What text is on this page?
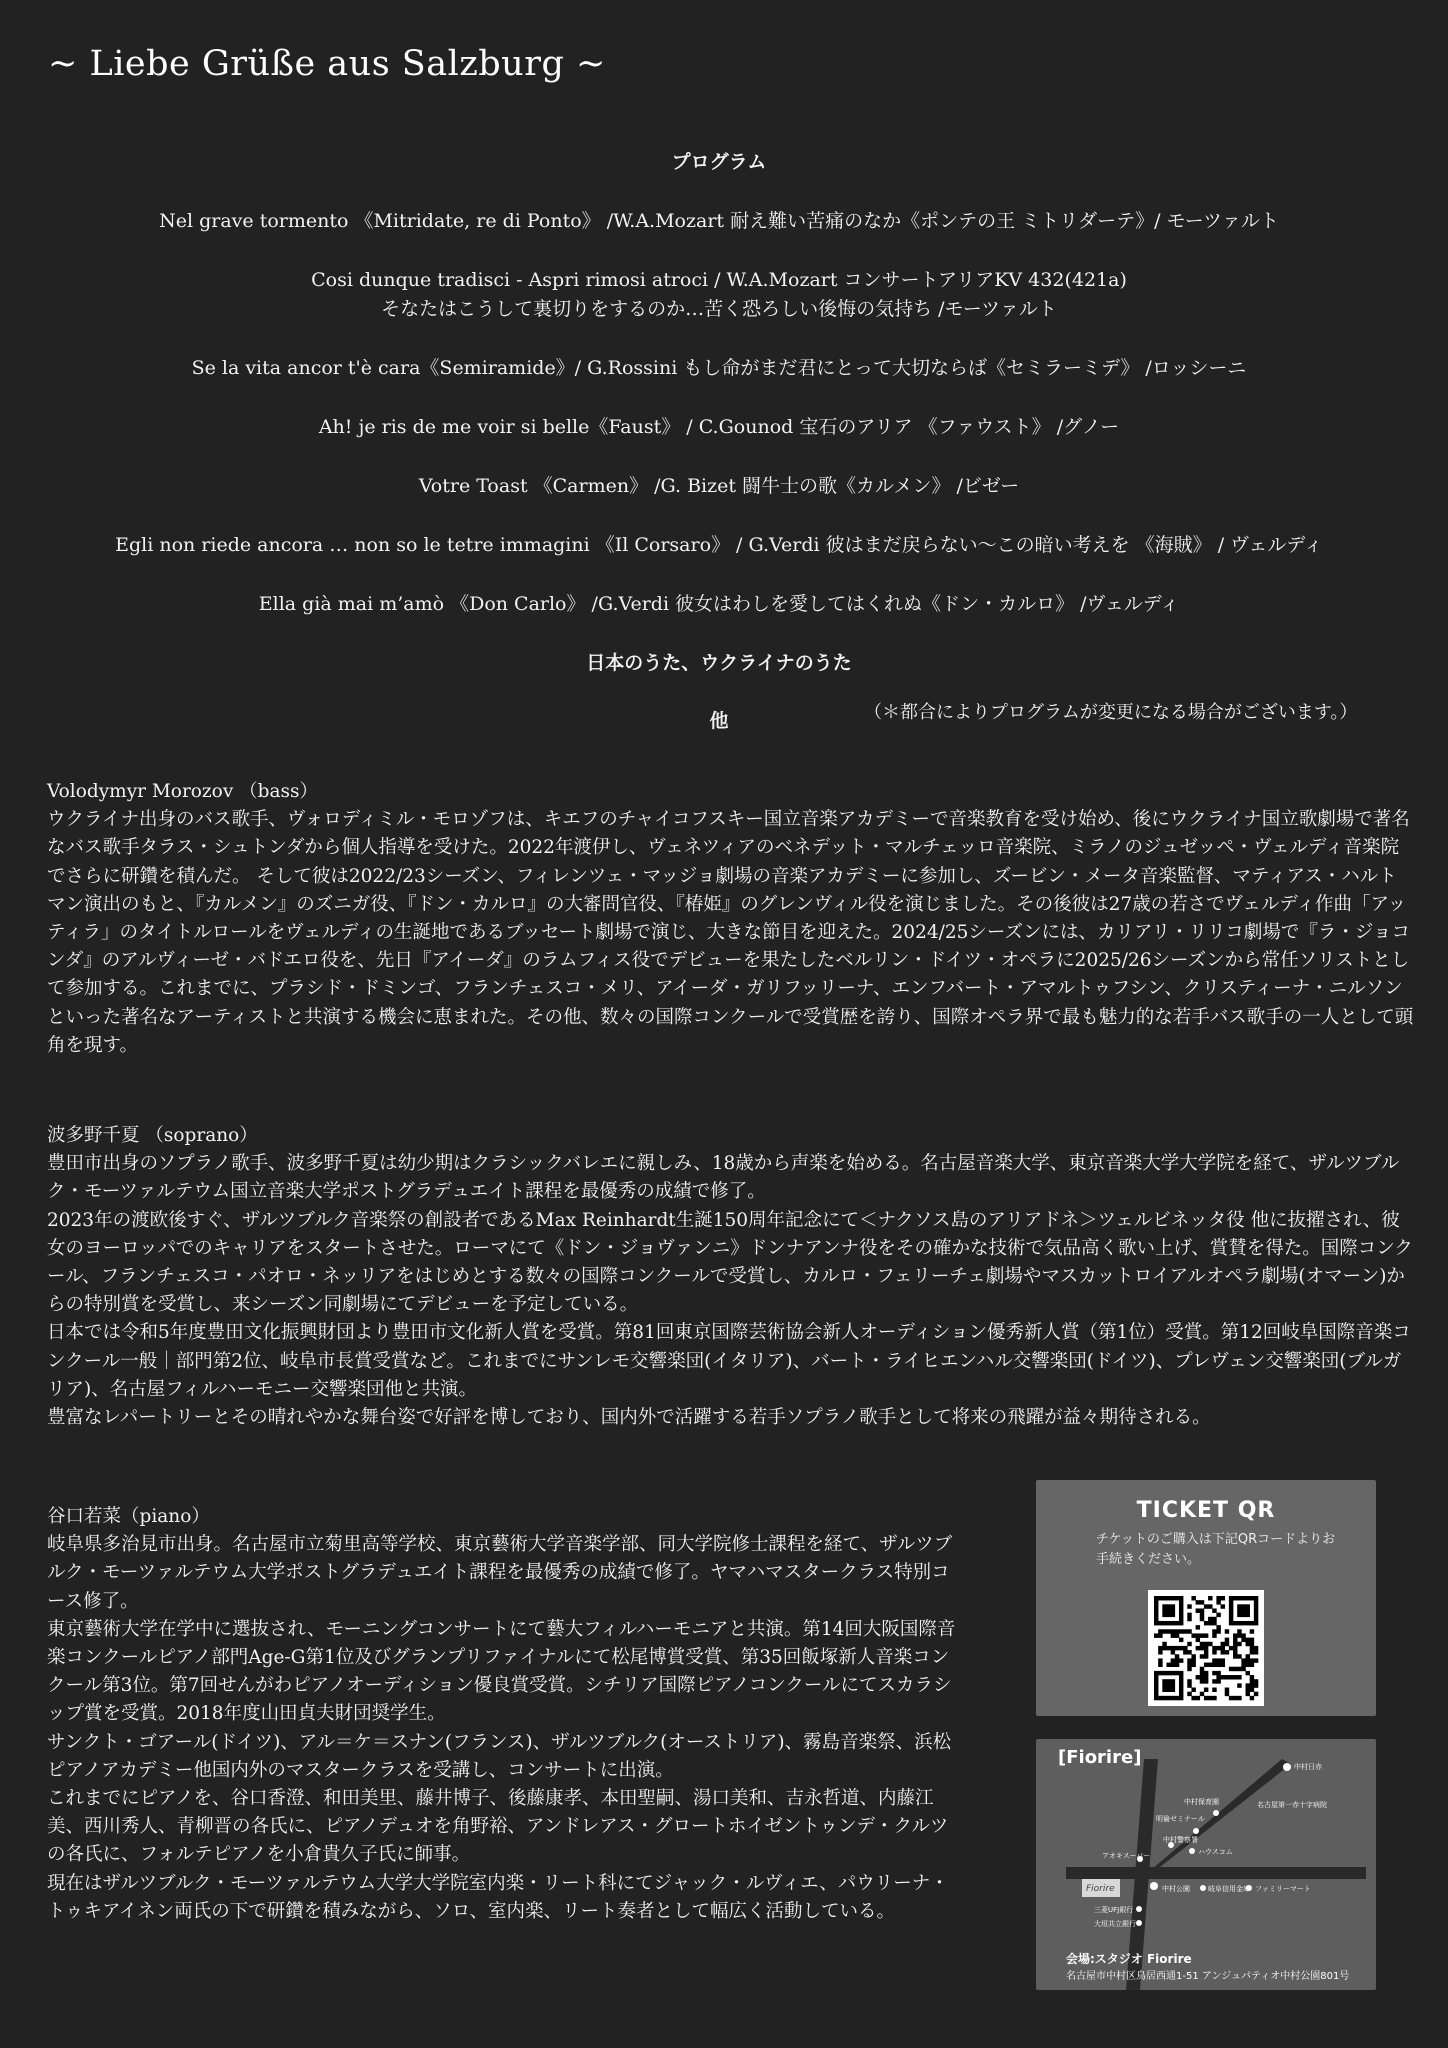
~ Liebe Grüße aus Salzburg ~
プログラム
Nel grave tormento 《Mitridate, re di Ponto》 /W.A.Mozart 耐え難い苦痛のなか《ポンテの王 ミトリダーテ》/ モーツァルト
Cosi dunque tradisci - Aspri rimosi atroci / W.A.Mozart コンサートアリアKV 432(421a)
そなたはこうして裏切りをするのか…苦く恐ろしい後悔の気持ち /モーツァルト
Se la vita ancor t'è cara《Semiramide》/ G.Rossini もし命がまだ君にとって大切ならば《セミラーミデ》 /ロッシーニ
Ah! je ris de me voir si belle《Faust》 / C.Gounod 宝石のアリア 《ファウスト》 /グノー
Votre Toast 《Carmen》 /G. Bizet 闘牛士の歌《カルメン》 /ビゼー
Egli non riede ancora … non so le tetre immagini 《Il Corsaro》 / G.Verdi 彼はまだ戻らない〜この暗い考えを 《海賊》 / ヴェルディ
Ella già mai m’amò 《Don Carlo》 /G.Verdi 彼女はわしを愛してはくれぬ《ドン・カルロ》 /ヴェルディ
日本のうた、ウクライナのうた
他	（＊都合によりプログラムが変更になる場合がございます。）

Volodymyr Morozov （bass）

ウクライナ出身のバス歌手、ヴォロディミル・モロゾフは、キエフのチャイコフスキー国立音楽アカデミーで音楽教育を受け始め、後にウクライナ国立歌劇場で著名なバス歌手タラス・シュトンダから個人指導を受けた。2022年渡伊し、ヴェネツィアのベネデット・マルチェッロ音楽院、ミラノのジュゼッペ・ヴェルディ音楽院でさらに研鑽を積んだ。 そして彼は2022/23シーズン、フィレンツェ・マッジョ劇場の音楽アカデミーに参加し、ズービン・メータ音楽監督、マティアス・ハルトマン演出のもと、『カルメン』のズニガ役、『ドン・カルロ』の大審問官役、『椿姫』のグレンヴィル役を演じました。その後彼は27歳の若さでヴェルディ作曲「アッティラ」のタイトルロールをヴェルディの生誕地であるブッセート劇場で演じ、大きな節目を迎えた。2024/25シーズンには、カリアリ・リリコ劇場で『ラ・ジョコンダ』のアルヴィーゼ・バドエロ役を、先日『アイーダ』のラムフィス役でデビューを果たしたベルリン・ドイツ・オペラに2025/26シーズンから常任ソリストとして参加する。これまでに、プラシド・ドミンゴ、フランチェスコ・メリ、アイーダ・ガリフッリーナ、エンフバート・アマルトゥフシン、クリスティーナ・ニルソンといった著名なアーティストと共演する機会に恵まれた。その他、数々の国際コンクールで受賞歴を誇り、国際オペラ界で最も魅力的な若手バス歌手の一人として頭角を現す。

波多野千夏 （soprano）

豊田市出身のソプラノ歌手、波多野千夏は幼少期はクラシックバレエに親しみ、18歳から声楽を始める。名古屋音楽大学、東京音楽大学大学院を経て、ザルツブルク・モーツァルテウム国立音楽大学ポストグラデュエイト課程を最優秀の成績で修了。

2023年の渡欧後すぐ、ザルツブルク音楽祭の創設者であるMax Reinhardt生誕150周年記念にて＜ナクソス島のアリアドネ＞ツェルビネッタ役 他に抜擢され、彼女のヨーロッパでのキャリアをスタートさせた。ローマにて《ドン・ジョヴァンニ》ドンナアンナ役をその確かな技術で気品高く歌い上げ、賞賛を得た。国際コンクール、フランチェスコ・パオロ・ネッリアをはじめとする数々の国際コンクールで受賞し、カルロ・フェリーチェ劇場やマスカットロイアルオペラ劇場(オマーン)からの特別賞を受賞し、来シーズン同劇場にてデビューを予定している。

日本では令和5年度豊田文化振興財団より豊田市文化新人賞を受賞。第81回東京国際芸術協会新人オーディション優秀新人賞（第1位）受賞。第12回岐阜国際音楽コンクール一般｜部門第2位、岐阜市長賞受賞など。これまでにサンレモ交響楽団(イタリア)、バート・ライヒエンハル交響楽団(ドイツ)、プレヴェン交響楽団(ブルガリア)、名古屋フィルハーモニー交響楽団他と共演。

豊富なレパートリーとその晴れやかな舞台姿で好評を博しており、国内外で活躍する若手ソプラノ歌手として将来の飛躍が益々期待される。

谷口若菜（piano）

岐阜県多治見市出身。名古屋市立菊里高等学校、東京藝術大学音楽学部、同大学院修士課程を経て、ザルツブルク・モーツァルテウム大学ポストグラデュエイト課程を最優秀の成績で修了。ヤマハマスタークラス特別コース修了。

東京藝術大学在学中に選抜され、モーニングコンサートにて藝大フィルハーモニアと共演。第14回大阪国際音楽コンクールピアノ部門Age-G第1位及びグランプリファイナルにて松尾博賞受賞、第35回飯塚新人音楽コンクール第3位。第7回せんがわピアノオーディション優良賞受賞。シチリア国際ピアノコンクールにてスカラシップ賞を受賞。2018年度山田貞夫財団奨学生。

サンクト・ゴアール(ドイツ)、アル＝ケ＝スナン(フランス)、ザルツブルク(オーストリア)、霧島音楽祭、浜松ピアノアカデミー他国内外のマスタークラスを受講し、コンサートに出演。

これまでにピアノを、谷口香澄、和田美里、藤井博子、後藤康孝、本田聖嗣、湯口美和、吉永哲道、内藤江美、西川秀人、青柳晋の各氏に、ピアノデュオを角野裕、アンドレアス・グロートホイゼントゥンデ・クルツの各氏に、フォルテピアノを小倉貴久子氏に師事。

現在はザルツブルク・モーツァルテウム大学大学院室内楽・リート科にてジャック・ルヴィエ、パウリーナ・トゥキアイネン両氏の下で研鑽を積みながら、ソロ、室内楽、リート奏者として幅広く活動している。

TICKET QR
チケットのご購入は下記QRコードよりお手続きください。
[Fiorire]	中村日赤
名古屋第一赤十字病院
中村保育園
明倫ゼミナール
アオキスーパー
中村警察署
ハウスコム
中村公園	岐阜信用金庫 ファミリーマート
三菱UFJ銀行
大垣共立銀行
Fiorire
会場:スタジオ Fiorire
名古屋市中村区鳥居西通1-51 アンジュパティオ中村公園801号
